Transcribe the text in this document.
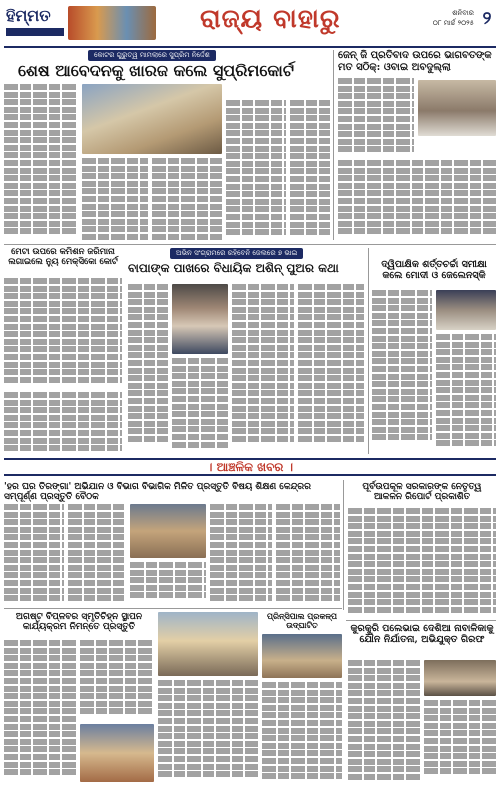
ହିମ୍ମତ	ରାଜ୍ୟ ବାହାରୁ	ଶନିବାର
୦୮ ମାର୍ଚ୍ଚ ୨୦୨୫ ୨
କୋଟର ଗୁରୁତ୍ୱ ମାମଲାରେ ସୁପ୍ରିମ ନିର୍ଦ୍ଦେଶ
ଶେଷ ଆବେଦନକୁ ଖାରଜ କଲେ ସୁପ୍ରିମକୋର୍ଟ
ଜେନ୍ ଜି ପ୍ରତିବାଦ ଉପରେ ଭାଗବତଙ୍କ ମତ ସଠିକ୍: ଓବାଇ ଅବଦୁଲ୍ଲା
ମେଟା ଉପରେ କମିଶନ ଜରିମାନା ଲଗାଇଲେ ନ୍ୟୁ ମେକ୍ସିକୋ କୋର୍ଟ
ଅଭିନ ସଂଗ୍ରାମରେ ରହିବେନି ଜେଲରେ ୭ ଭାଇ
ବାପାଙ୍କ ପାଖରେ ବିଧାୟିକ ଅଶିନ୍ ପୁଅର କଥା	ଦ୍ୱିପାକ୍ଷିକ ଶର୍ତ୍ତଚର୍ଚ୍ଚା ସମୀକ୍ଷା କଲେ ମୋଦୀ ଓ ଜେଲେନସ୍କି
। ଆଞ୍ଚଳିକ ଖବର ।
'ହର ଘର ତିରଙ୍ଗା' ଅଭିଯାନ ଓ ବିଭାଗ ବିଭାଗିକ ମିଳିତ ପ୍ରସ୍ତୁତି ବିଷୟ ଶିକ୍ଷଣ କେନ୍ଦ୍ରର ସମ୍ପୂର୍ଣ୍ଣ ପ୍ରସ୍ତୁତି ବୈଠକ
ପୂର୍ବଉପକୂଳ ସରକାରଙ୍କ ନେତୃତ୍ୱ ଆକଳନ ରିପୋର୍ଟ ପ୍ରକାଶିତ
ଅଗଷ୍ଟ ବିପ୍ଳବର ସ୍ମୃତିଚିହ୍ନ ସ୍ଥାପନ କାର୍ଯ୍ୟକ୍ରମ ନିମନ୍ତେ ପ୍ରସ୍ତୁତି
ପ୍ରିନ୍ସିପାଲ ପ୍ରକଳ୍ପ ଉଦ୍‌ଘାଟିତ	କୁରକୁରି ପଲେଭାଇ ଦେଶିଆ ନାବାଳିକାକୁ ଯୌନ ନିର୍ଯାତନା, ଅଭିଯୁକ୍ତ ଗିରଫ
